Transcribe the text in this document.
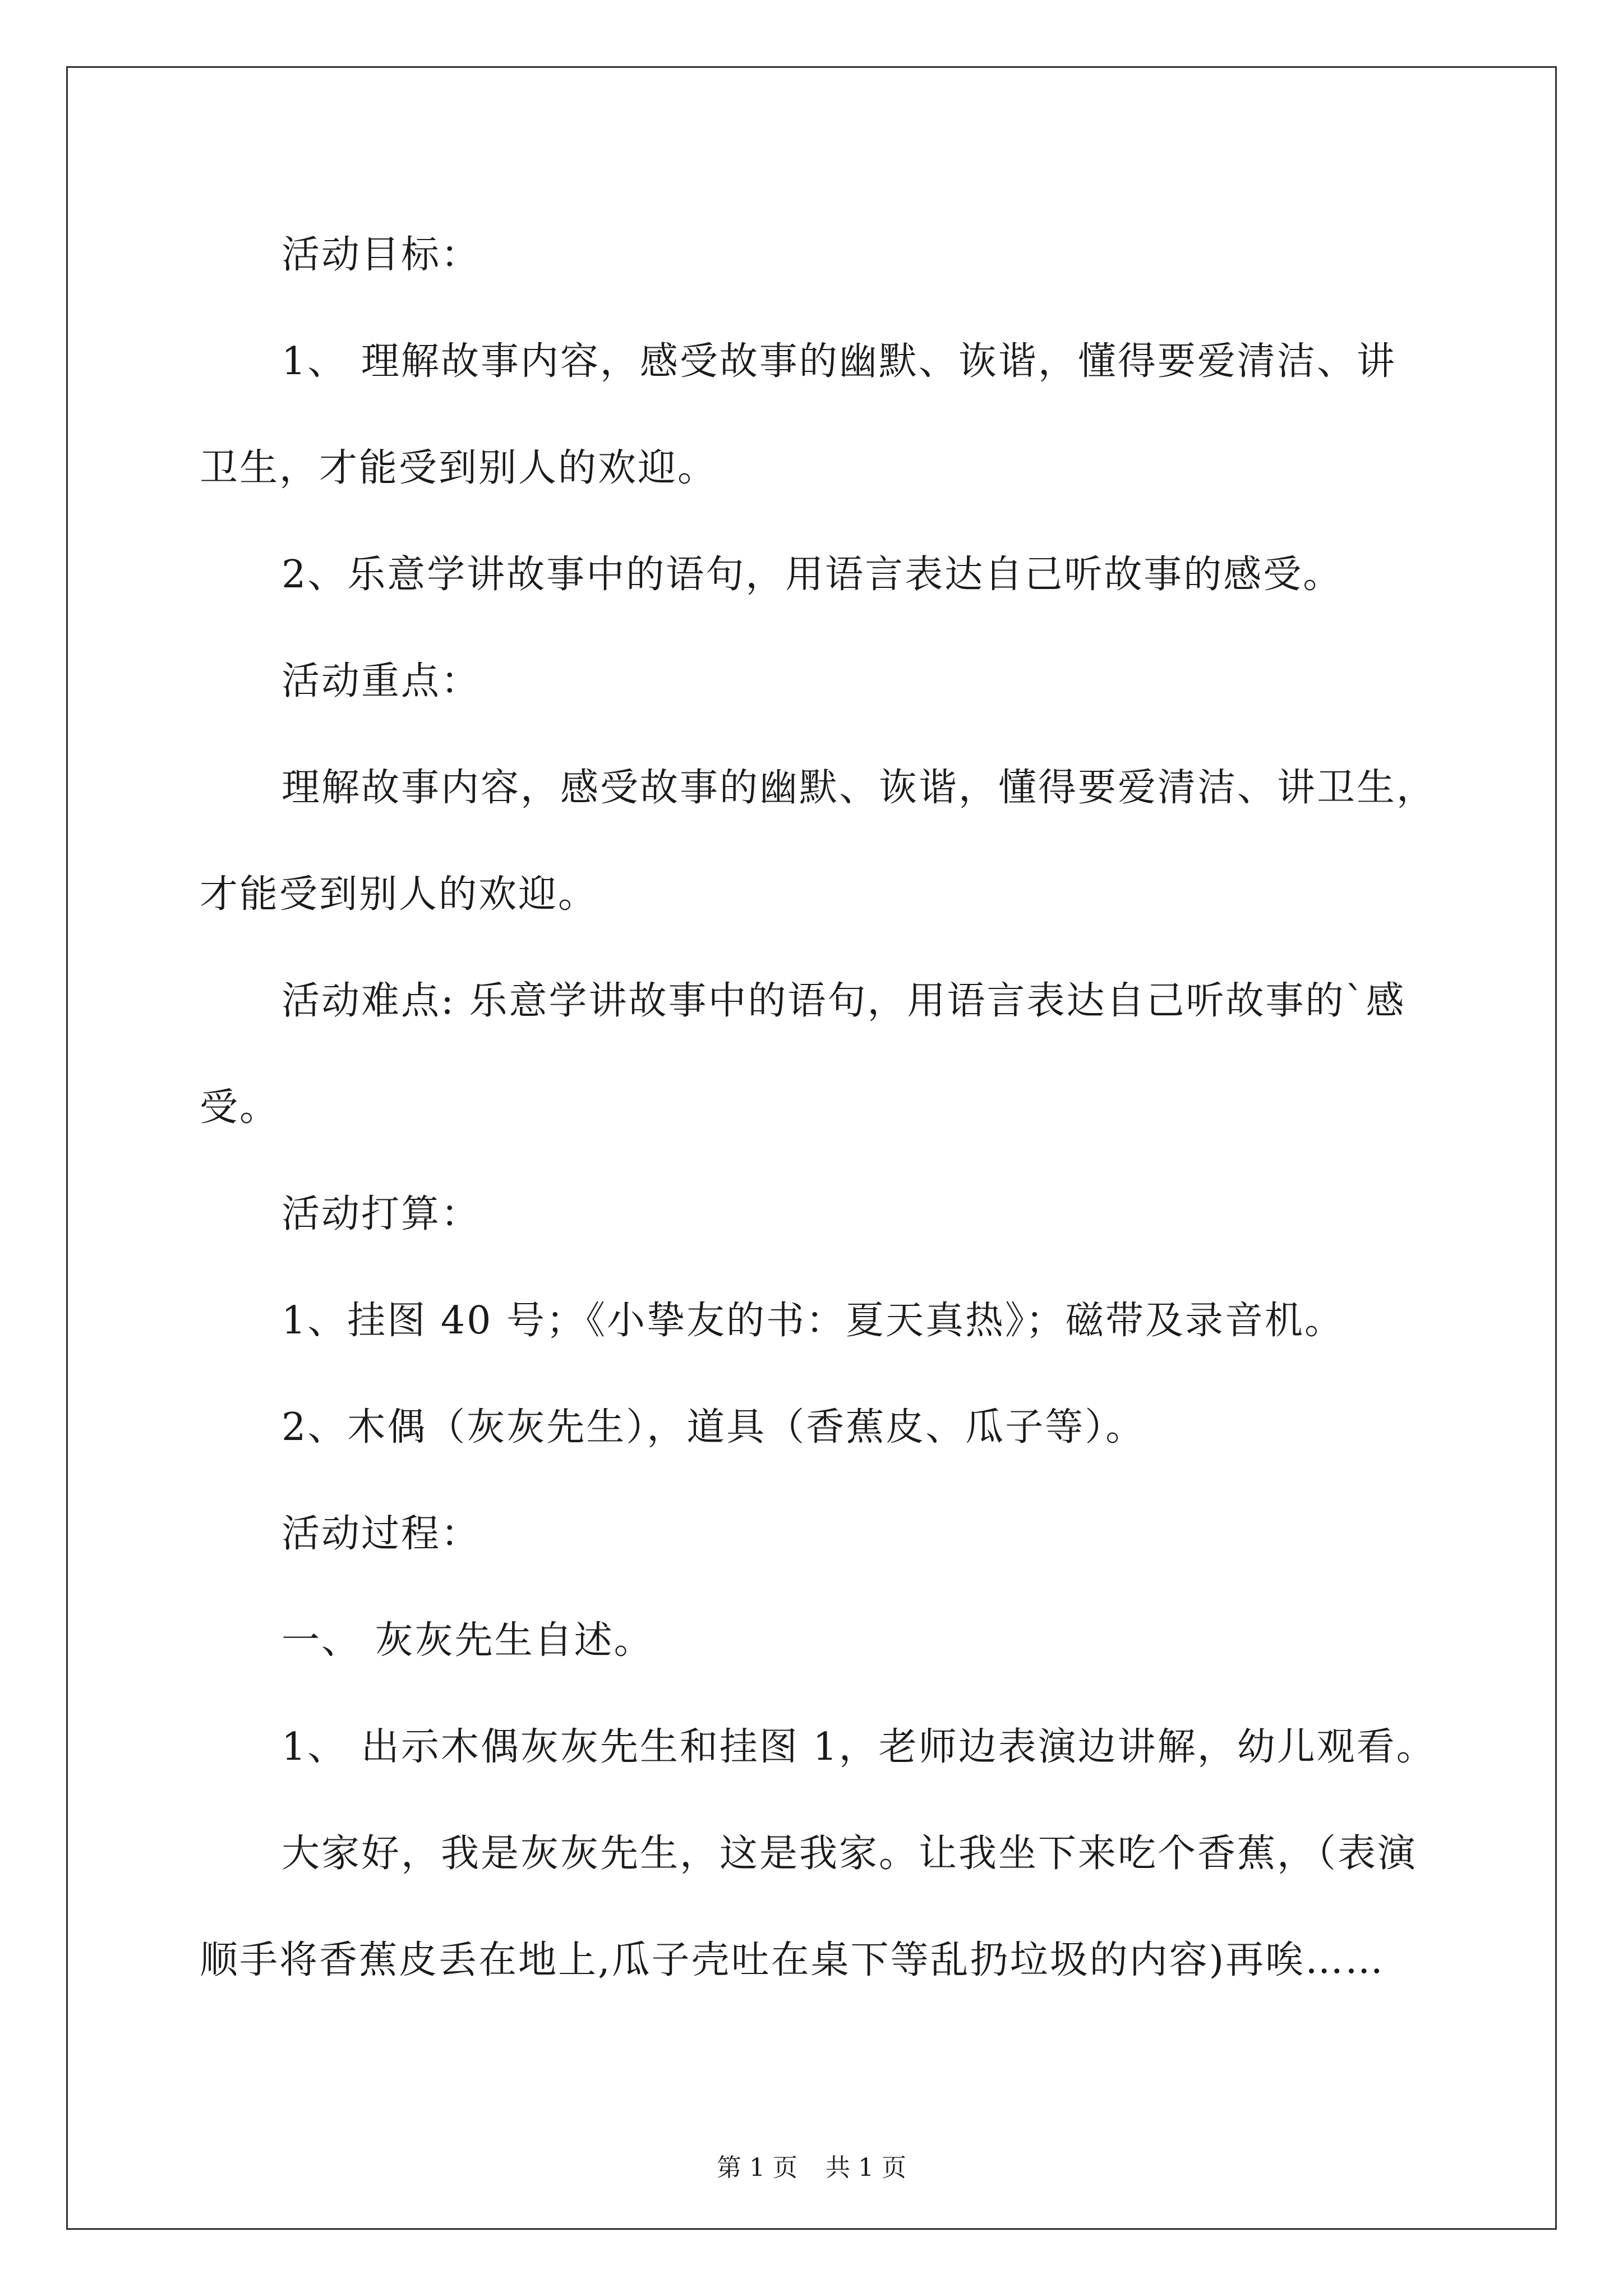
活动目标：
1、 理解故事内容，感受故事的幽默、诙谐，懂得要爱清洁、讲
卫生，才能受到别人的欢迎。
2、乐意学讲故事中的语句，用语言表达自己听故事的感受。
活动重点：
理解故事内容，感受故事的幽默、诙谐，懂得要爱清洁、讲卫生，
才能受到别人的欢迎。
活动难点: 乐意学讲故事中的语句，用语言表达自己听故事的`感
受。
活动打算：
1、挂图 40 号；《小挚友的书：夏天真热》；磁带及录音机。
2、木偶（灰灰先生），道具（香蕉皮、瓜子等）。
活动过程：
一、 灰灰先生自述。
1、 出示木偶灰灰先生和挂图 1，老师边表演边讲解，幼儿观看。
大家好，我是灰灰先生，这是我家。让我坐下来吃个香蕉，（表演
顺手将香蕉皮丢在地上,瓜子壳吐在桌下等乱扔垃圾的内容)再唉……
第 1 页 共 1 页
